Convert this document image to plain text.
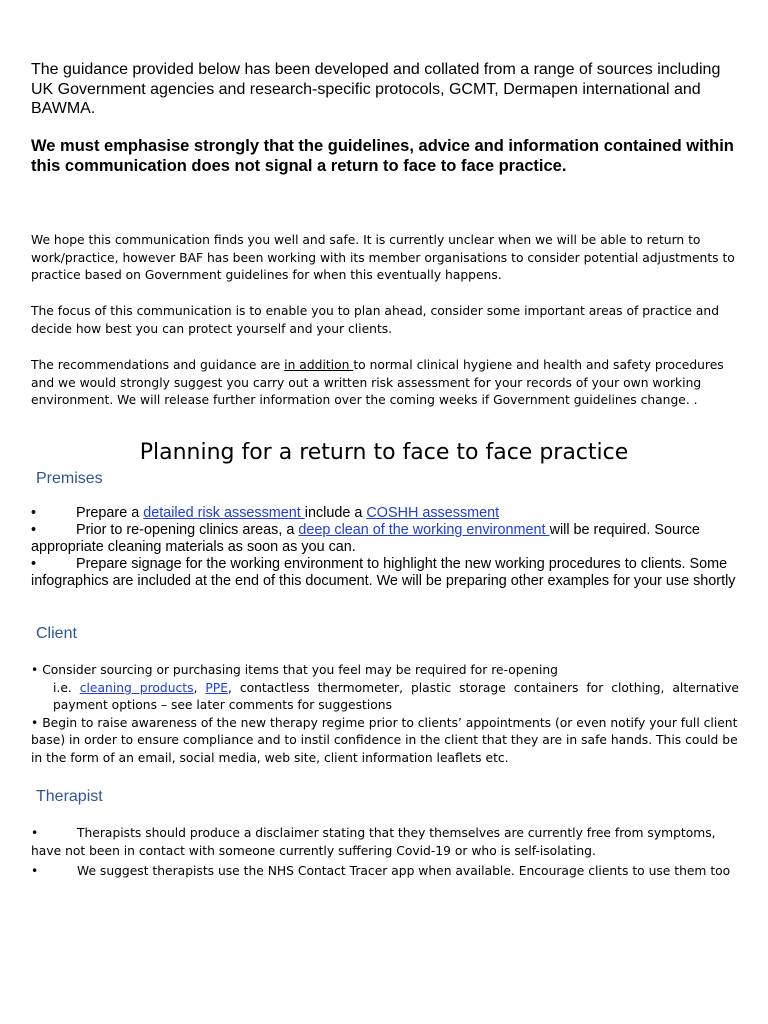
The guidance provided below has been developed and collated from a range of sources including UK Government agencies and research-specific protocols, GCMT, Dermapen international and BAWMA.

We must emphasise strongly that the guidelines, advice and information contained within this communication does not signal a return to face to face practice.

We hope this communication finds you well and safe. It is currently unclear when we will be able to return to work/practice, however BAF has been working with its member organisations to consider potential adjustments to practice based on Government guidelines for when this eventually happens.

The focus of this communication is to enable you to plan ahead, consider some important areas of practice and decide how best you can protect yourself and your clients.

The recommendations and guidance are in addition to normal clinical hygiene and health and safety procedures and we would strongly suggest you carry out a written risk assessment for your records of your own working environment. We will release further information over the coming weeks if Government guidelines change. .

Planning for a return to face to face practice
Premises
•	Prepare a detailed risk assessment include a COSHH assessment
•	Prior to re-opening clinics areas, a deep clean of the working environment will be required. Source appropriate cleaning materials as soon as you can.
•	Prepare signage for the working environment to highlight the new working procedures to clients. Some infographics are included at the end of this document. We will be preparing other examples for your use shortly
Client
• Consider sourcing or purchasing items that you feel may be required for re-opening
i.e. cleaning products, PPE, contactless thermometer, plastic storage containers for clothing, alternative payment options – see later comments for suggestions
• Begin to raise awareness of the new therapy regime prior to clients’ appointments (or even notify your full client base) in order to ensure compliance and to instil confidence in the client that they are in safe hands. This could be in the form of an email, social media, web site, client information leaflets etc.
Therapist
•	Therapists should produce a disclaimer stating that they themselves are currently free from symptoms, have not been in contact with someone currently suffering Covid-19 or who is self-isolating.
•	We suggest therapists use the NHS Contact Tracer app when available. Encourage clients to use them too
